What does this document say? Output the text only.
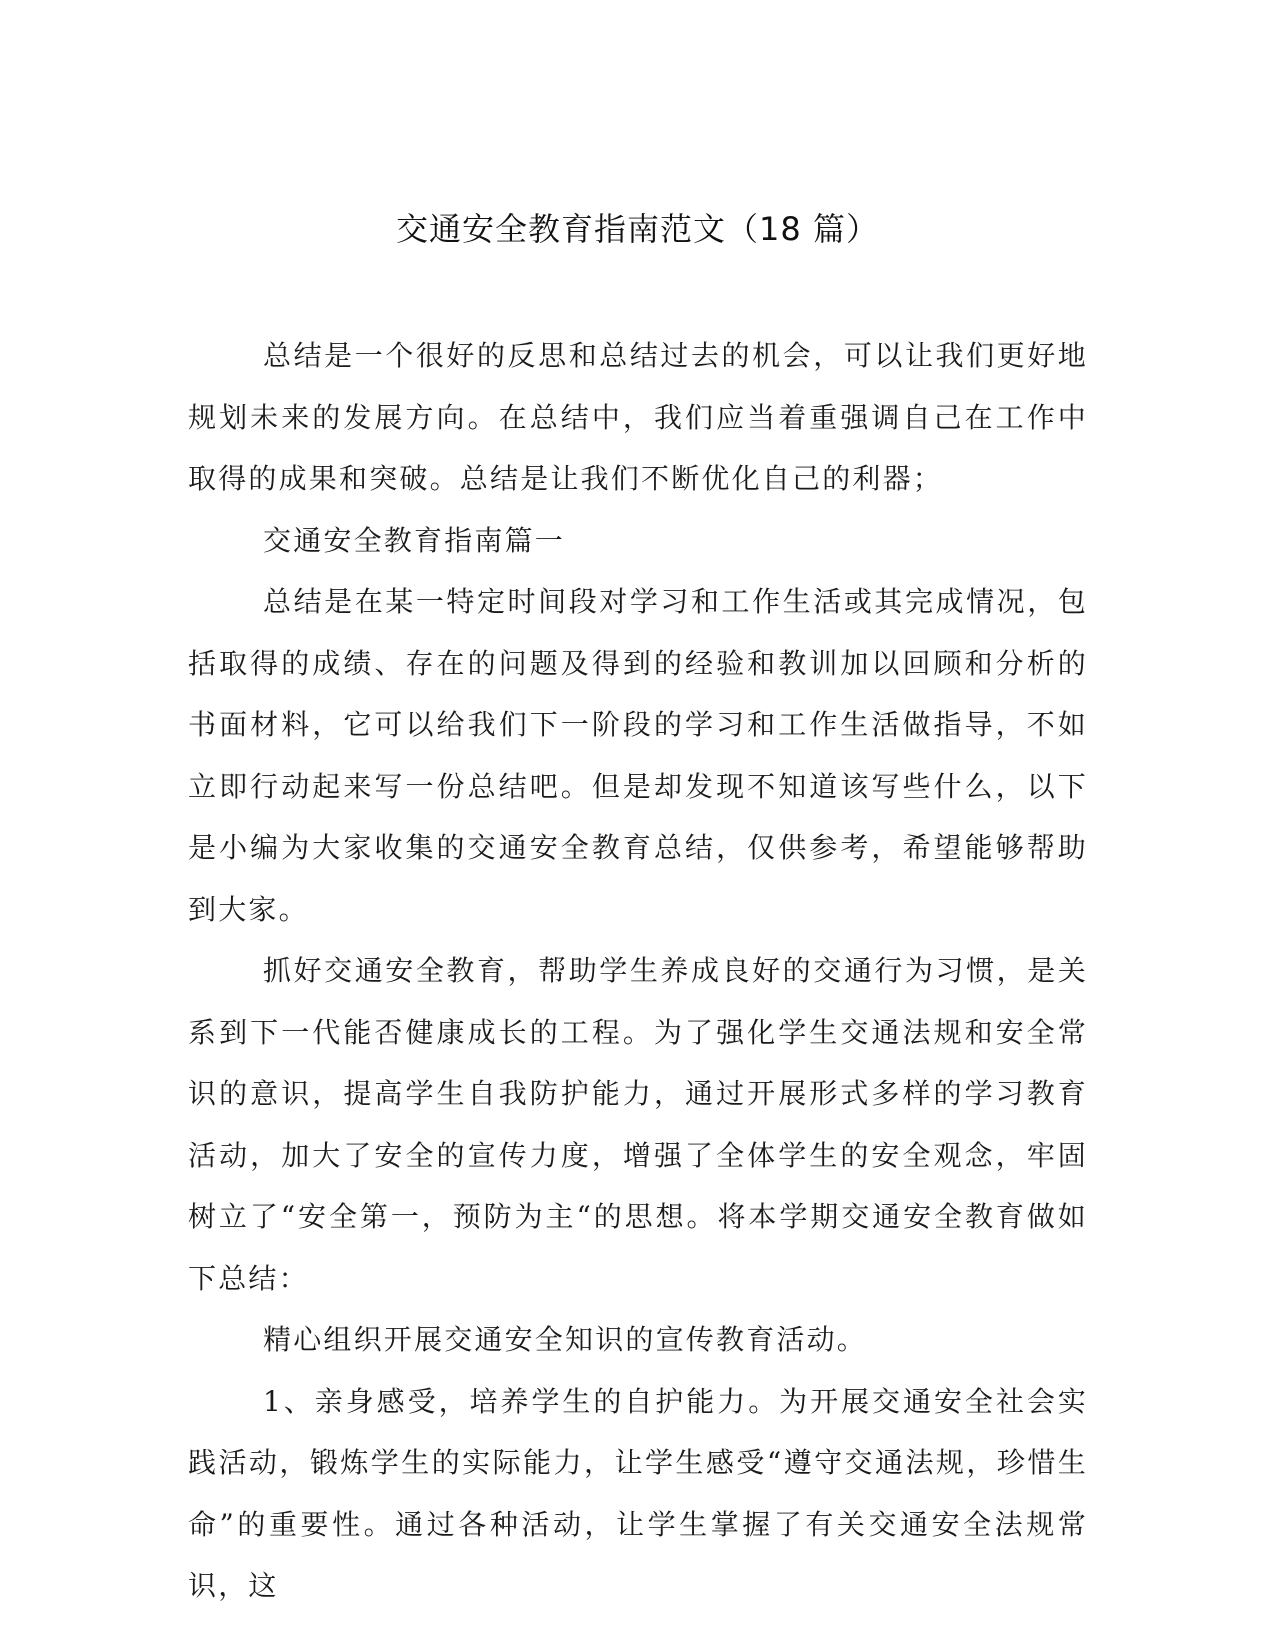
交通安全教育指南范文（18 篇）

总结是一个很好的反思和总结过去的机会，可以让我们更好地规划未来的发展方向。在总结中，我们应当着重强调自己在工作中取得的成果和突破。总结是让我们不断优化自己的利器；

交通安全教育指南篇一

总结是在某一特定时间段对学习和工作生活或其完成情况，包括取得的成绩、存在的问题及得到的经验和教训加以回顾和分析的书面材料，它可以给我们下一阶段的学习和工作生活做指导，不如立即行动起来写一份总结吧。但是却发现不知道该写些什么，以下是小编为大家收集的交通安全教育总结，仅供参考，希望能够帮助到大家。

抓好交通安全教育，帮助学生养成良好的交通行为习惯，是关系到下一代能否健康成长的工程。为了强化学生交通法规和安全常识的意识，提高学生自我防护能力，通过开展形式多样的学习教育活动，加大了安全的宣传力度，增强了全体学生的安全观念，牢固树立了“安全第一，预防为主“的思想。将本学期交通安全教育做如下总结：

精心组织开展交通安全知识的宣传教育活动。

1、亲身感受，培养学生的自护能力。为开展交通安全社会实践活动，锻炼学生的实际能力，让学生感受“遵守交通法规，珍惜生命”的重要性。通过各种活动，让学生掌握了有关交通安全法规常识，这
